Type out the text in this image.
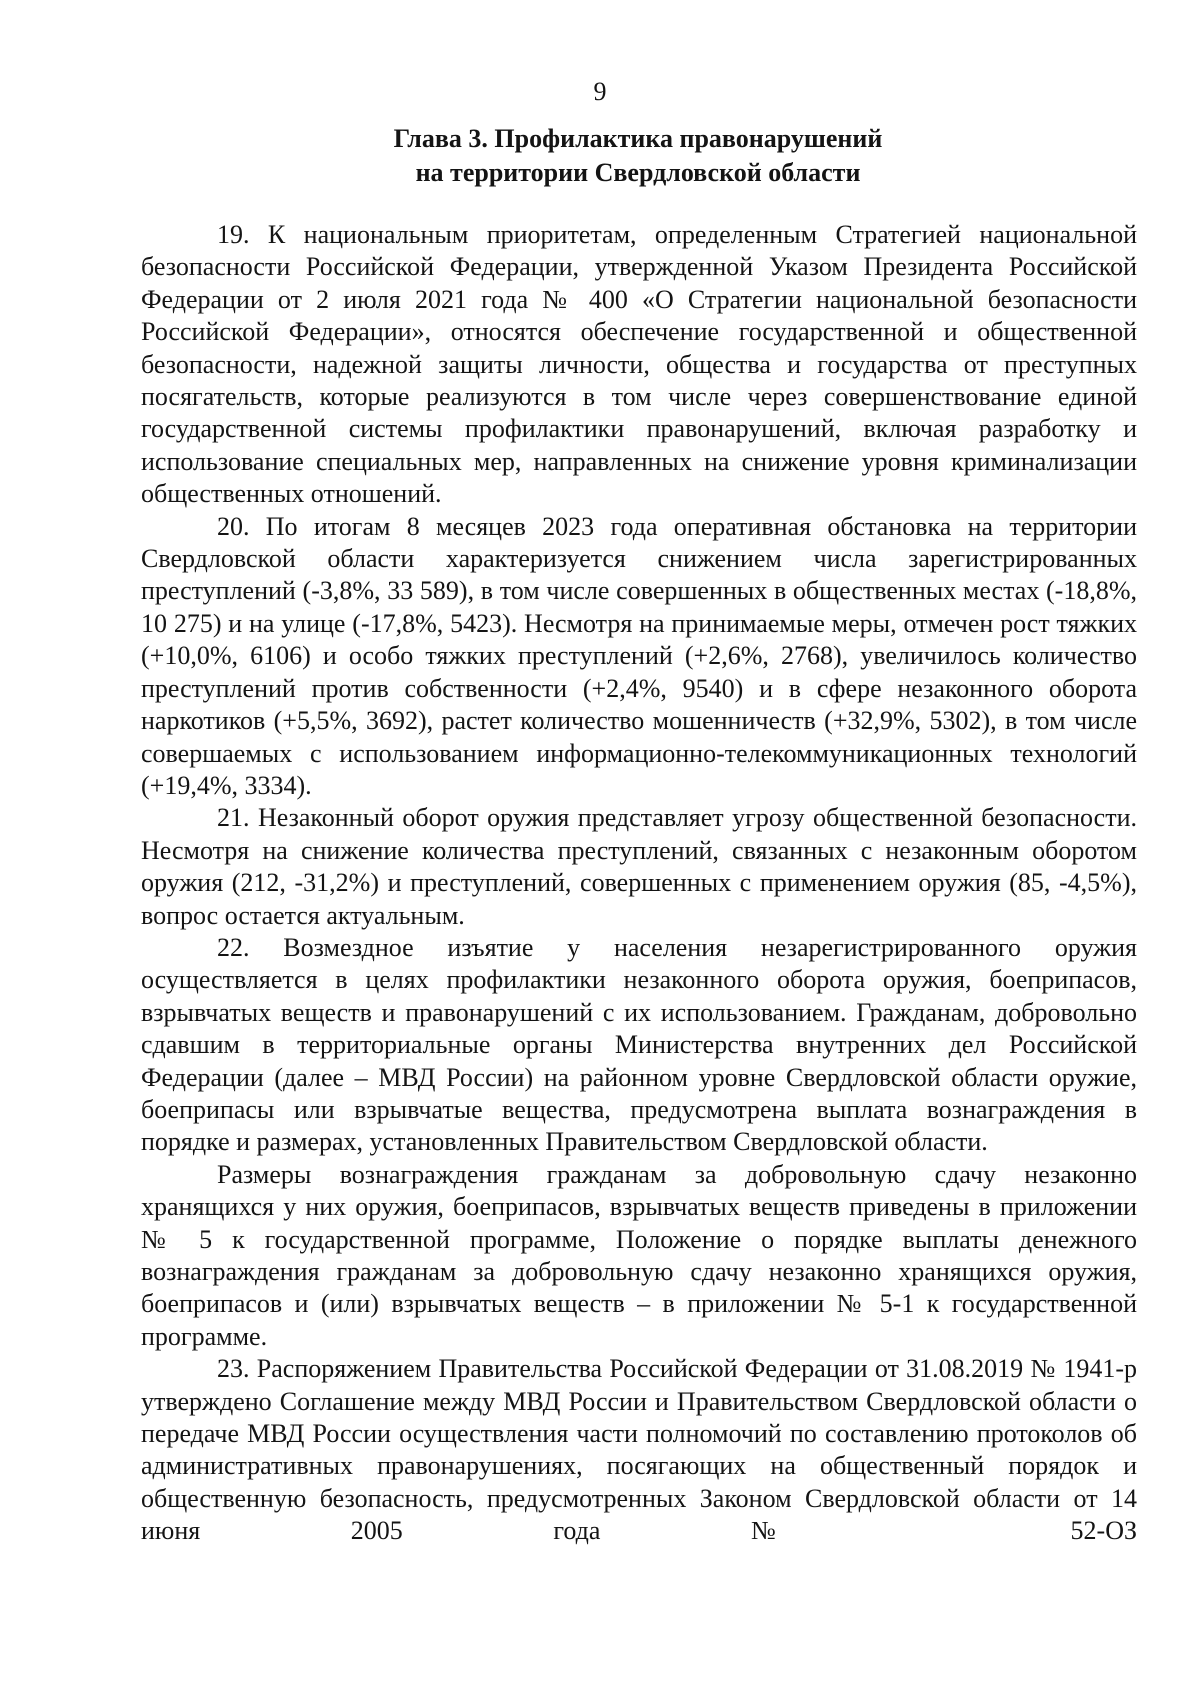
9
Глава 3. Профилактика правонарушений
на территории Свердловской области

19. К национальным приоритетам, определенным Стратегией национальной безопасности Российской Федерации, утвержденной Указом Президента Российской Федерации от 2 июля 2021 года № 400 «О Стратегии национальной безопасности Российской Федерации», относятся обеспечение государственной и общественной безопасности, надежной защиты личности, общества и государства от преступных посягательств, которые реализуются в том числе через совершенствование единой государственной системы профилактики правонарушений, включая разработку и использование специальных мер, направленных на снижение уровня криминализации общественных отношений.

20. По итогам 8 месяцев 2023 года оперативная обстановка на территории Свердловской области характеризуется снижением числа зарегистрированных преступлений (-3,8%, 33 589), в том числе совершенных в общественных местах (-18,8%, 10 275) и на улице (-17,8%, 5423). Несмотря на принимаемые меры, отмечен рост тяжких (+10,0%, 6106) и особо тяжких преступлений (+2,6%, 2768), увеличилось количество преступлений против собственности (+2,4%, 9540) и в сфере незаконного оборота наркотиков (+5,5%, 3692), растет количество мошенничеств (+32,9%, 5302), в том числе совершаемых с использованием информационно-телекоммуникационных технологий (+19,4%, 3334).

21. Незаконный оборот оружия представляет угрозу общественной безопасности. Несмотря на снижение количества преступлений, связанных с незаконным оборотом оружия (212, -31,2%) и преступлений, совершенных с применением оружия (85, -4,5%), вопрос остается актуальным.

22. Возмездное изъятие у населения незарегистрированного оружия осуществляется в целях профилактики незаконного оборота оружия, боеприпасов, взрывчатых веществ и правонарушений с их использованием. Гражданам, добровольно сдавшим в территориальные органы Министерства внутренних дел Российской Федерации (далее – МВД России) на районном уровне Свердловской области оружие, боеприпасы или взрывчатые вещества, предусмотрена выплата вознаграждения в порядке и размерах, установленных Правительством Свердловской области.

Размеры вознаграждения гражданам за добровольную сдачу незаконно хранящихся у них оружия, боеприпасов, взрывчатых веществ приведены в приложении № 5 к государственной программе, Положение о порядке выплаты денежного вознаграждения гражданам за добровольную сдачу незаконно хранящихся оружия, боеприпасов и (или) взрывчатых веществ – в приложении № 5-1 к государственной программе.

23. Распоряжением Правительства Российской Федерации от 31.08.2019 № 1941-р утверждено Соглашение между МВД России и Правительством Свердловской области о передаче МВД России осуществления части полномочий по составлению протоколов об административных правонарушениях, посягающих на общественный порядок и общественную безопасность, предусмотренных Законом Свердловской области от 14 июня 2005 года № 52-ОЗ
